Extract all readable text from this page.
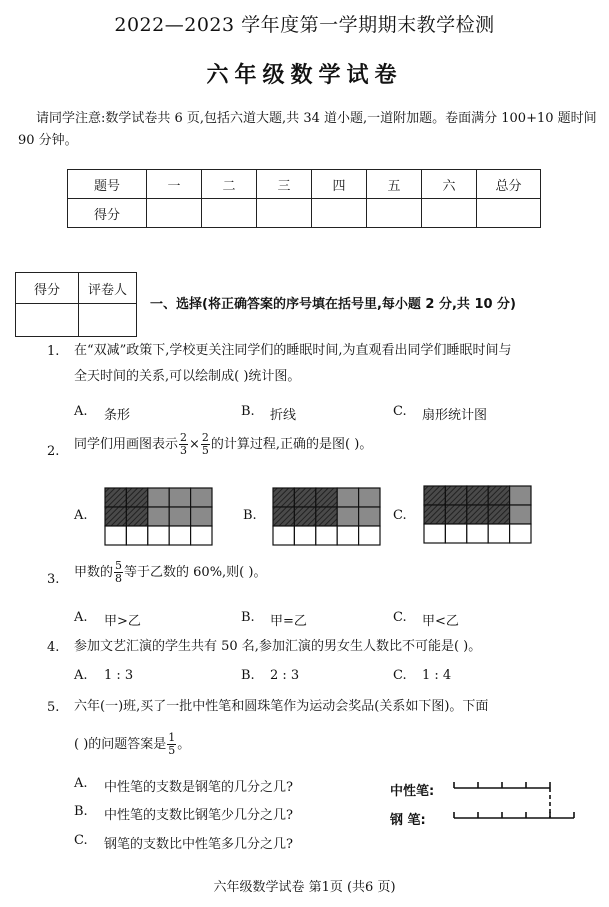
2022—2023 学年度第一学期期末教学检测
六年级数学试卷
请同学注意:数学试卷共 6 页,包括六道大题,共 34 道小题,一道附加题。卷面满分 100+10 题时间 90 分钟。
题号	一	二	三	四	五	六	总分
得分							
得分	评卷人

一、选择(将正确答案的序号填在括号里,每小题 2 分,共 10 分)
1. 在“双减”政策下,学校更关注同学们的睡眠时间,为直观看出同学们睡眠时间与
全天时间的关系,可以绘制成( )统计图。
A. 条形	B. 折线	C. 扇形统计图
2. 同学们用画图表示 $\frac{2}{3} \times \frac{2}{5}$ 的计算过程,正确的是图( )。
A.	B.	C.
3. 甲数的 $\frac{5}{8}$ 等于乙数的 60%,则( )。
A. 甲>乙	B. 甲=乙	C. 甲<乙
4. 参加文艺汇演的学生共有 50 名,参加汇演的男女生人数比不可能是( )。
A. 1 : 3	B. 2 : 3	C. 1 : 4
5. 六年(一)班,买了一批中性笔和圆珠笔作为运动会奖品(关系如下图)。下面
( )的问题答案是 $\frac{1}{5}$ 。
A. 中性笔的支数是钢笔的几分之几?
B. 中性笔的支数比钢笔少几分之几?
C. 钢笔的支数比中性笔多几分之几?
中性笔:
钢 笔:
六年级数学试卷 第1页 (共6 页)
